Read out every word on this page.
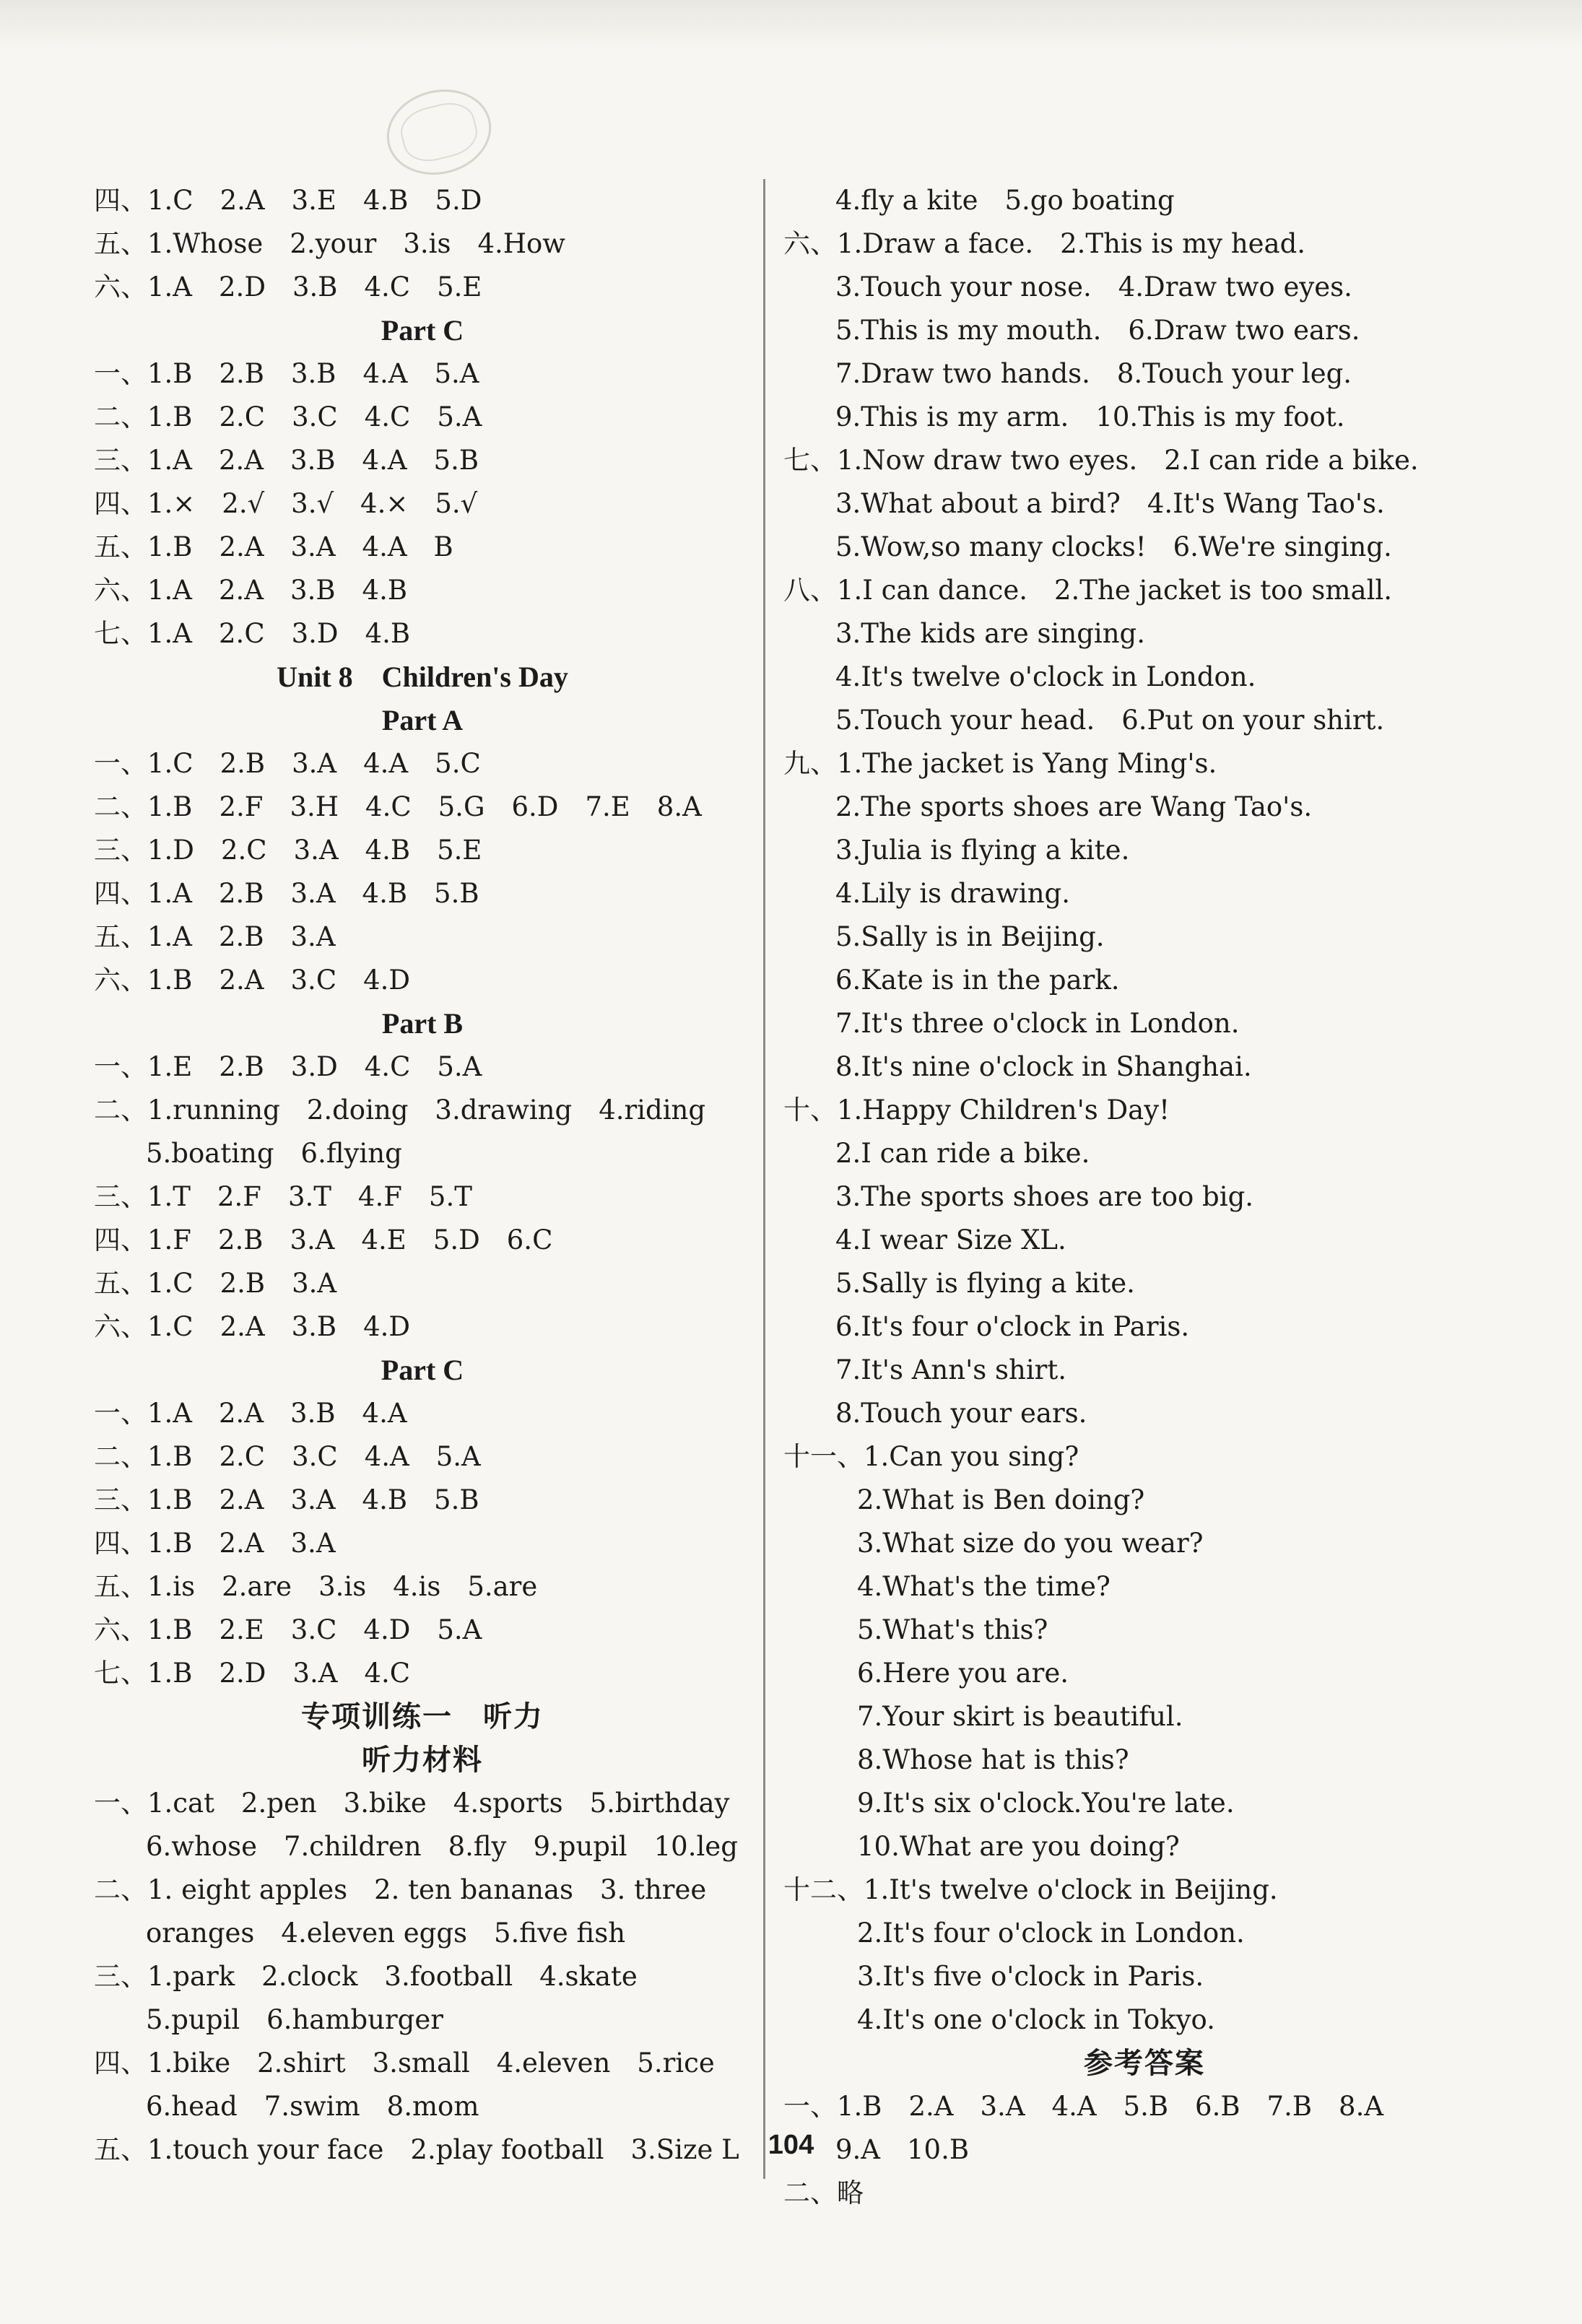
四、1.C　2.A　3.E　4.B　5.D
五、1.Whose　2.your　3.is　4.How
六、1.A　2.D　3.B　4.C　5.E
Part C
一、1.B　2.B　3.B　4.A　5.A
二、1.B　2.C　3.C　4.C　5.A
三、1.A　2.A　3.B　4.A　5.B
四、1.×　2.√　3.√　4.×　5.√
五、1.B　2.A　3.A　4.A　B
六、1.A　2.A　3.B　4.B
七、1.A　2.C　3.D　4.B
Unit 8　Children's Day
Part A
一、1.C　2.B　3.A　4.A　5.C
二、1.B　2.F　3.H　4.C　5.G　6.D　7.E　8.A
三、1.D　2.C　3.A　4.B　5.E
四、1.A　2.B　3.A　4.B　5.B
五、1.A　2.B　3.A
六、1.B　2.A　3.C　4.D
Part B
一、1.E　2.B　3.D　4.C　5.A
二、1.running　2.doing　3.drawing　4.riding
5.boating　6.flying
三、1.T　2.F　3.T　4.F　5.T
四、1.F　2.B　3.A　4.E　5.D　6.C
五、1.C　2.B　3.A
六、1.C　2.A　3.B　4.D
Part C
一、1.A　2.A　3.B　4.A
二、1.B　2.C　3.C　4.A　5.A
三、1.B　2.A　3.A　4.B　5.B
四、1.B　2.A　3.A
五、1.is　2.are　3.is　4.is　5.are
六、1.B　2.E　3.C　4.D　5.A
七、1.B　2.D　3.A　4.C
专项训练一　听力
听力材料
一、1.cat　2.pen　3.bike　4.sports　5.birthday
6.whose　7.children　8.fly　9.pupil　10.leg
二、1. eight apples　2. ten bananas　3. three
oranges　4.eleven eggs　5.five fish
三、1.park　2.clock　3.football　4.skate
5.pupil　6.hamburger
四、1.bike　2.shirt　3.small　4.eleven　5.rice
6.head　7.swim　8.mom
五、1.touch your face　2.play football　3.Size L
4.fly a kite　5.go boating
六、1.Draw a face.　2.This is my head.
3.Touch your nose.　4.Draw two eyes.
5.This is my mouth.　6.Draw two ears.
7.Draw two hands.　8.Touch your leg.
9.This is my arm.　10.This is my foot.
七、1.Now draw two eyes.　2.I can ride a bike.
3.What about a bird?　4.It's Wang Tao's.
5.Wow,so many clocks!　6.We're singing.
八、1.I can dance.　2.The jacket is too small.
3.The kids are singing.
4.It's twelve o'clock in London.
5.Touch your head.　6.Put on your shirt.
九、1.The jacket is Yang Ming's.
2.The sports shoes are Wang Tao's.
3.Julia is flying a kite.
4.Lily is drawing.
5.Sally is in Beijing.
6.Kate is in the park.
7.It's three o'clock in London.
8.It's nine o'clock in Shanghai.
十、1.Happy Children's Day!
2.I can ride a bike.
3.The sports shoes are too big.
4.I wear Size XL.
5.Sally is flying a kite.
6.It's four o'clock in Paris.
7.It's Ann's shirt.
8.Touch your ears.
十一、1.Can you sing?
2.What is Ben doing?
3.What size do you wear?
4.What's the time?
5.What's this?
6.Here you are.
7.Your skirt is beautiful.
8.Whose hat is this?
9.It's six o'clock.You're late.
10.What are you doing?
十二、1.It's twelve o'clock in Beijing.
2.It's four o'clock in London.
3.It's five o'clock in Paris.
4.It's one o'clock in Tokyo.
参考答案
一、1.B　2.A　3.A　4.A　5.B　6.B　7.B　8.A
9.A　10.B
二、略
104
